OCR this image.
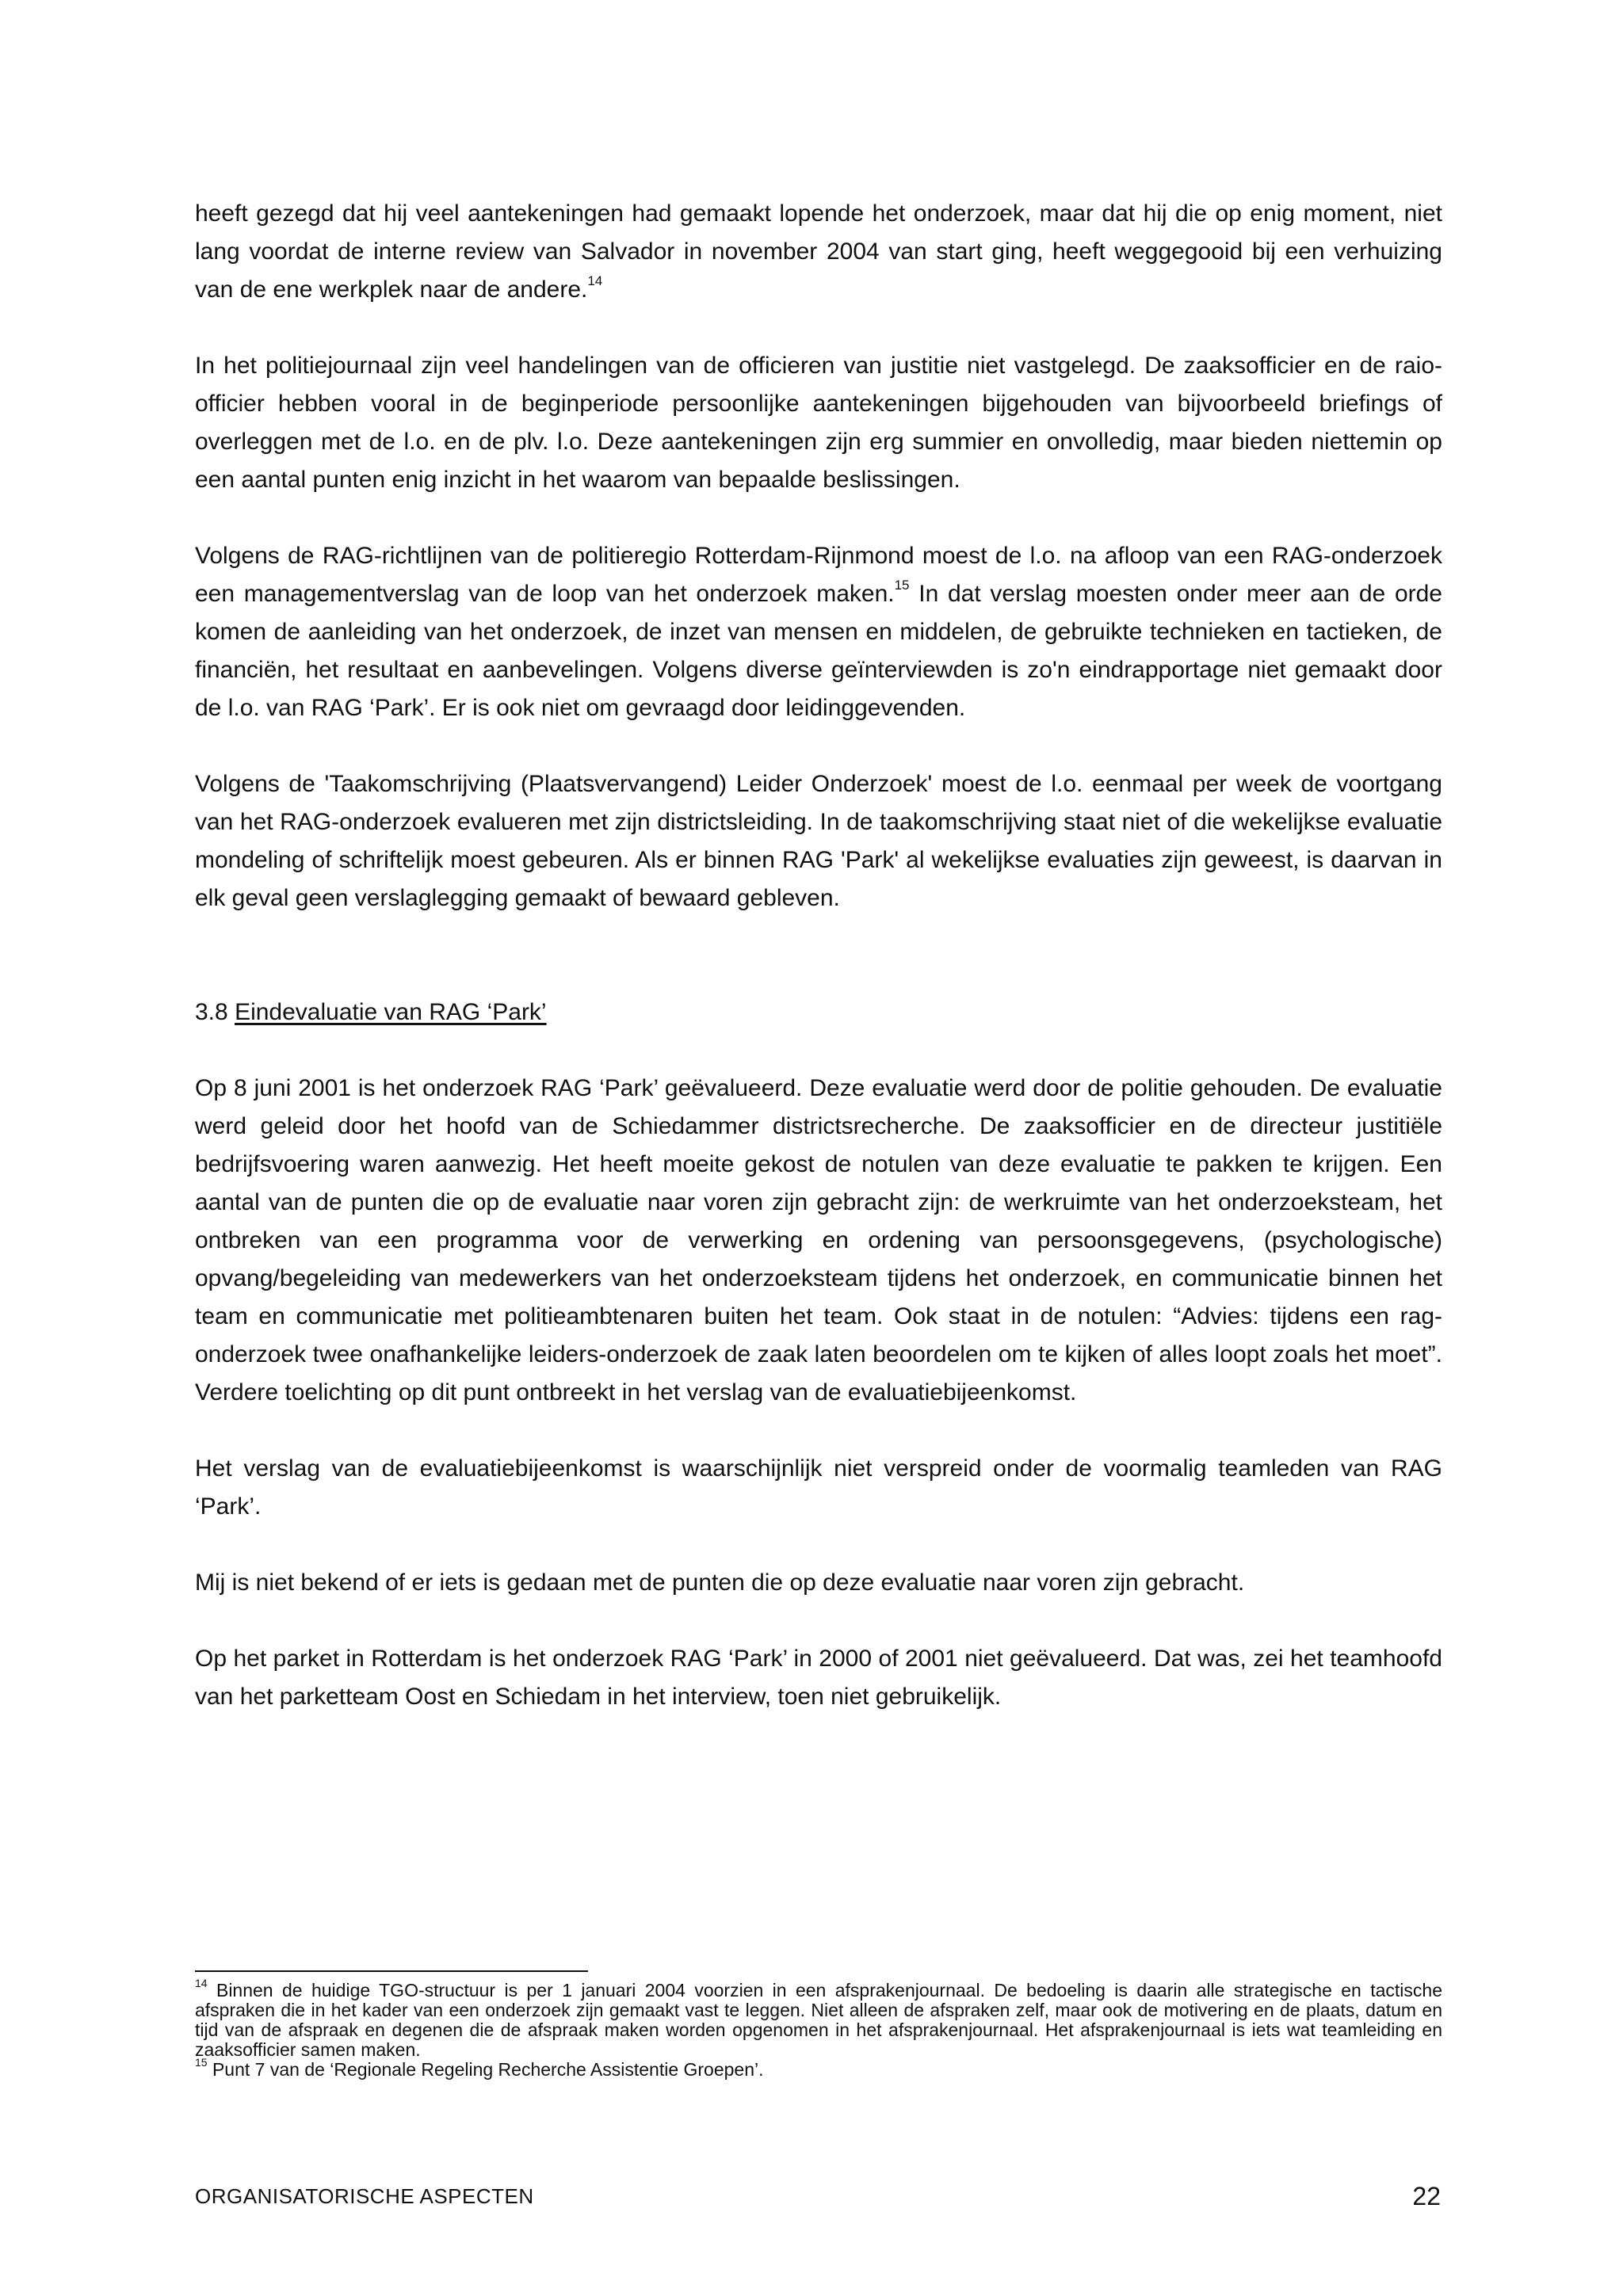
heeft gezegd dat hij veel aantekeningen had gemaakt lopende het onderzoek, maar dat hij die op enig moment, niet lang voordat de interne review van Salvador in november 2004 van start ging, heeft weggegooid bij een verhuizing van de ene werkplek naar de andere.$^{14}$

In het politiejournaal zijn veel handelingen van de officieren van justitie niet vastgelegd. De zaaksofficier en de raio-officier hebben vooral in de beginperiode persoonlijke aantekeningen bijgehouden van bijvoorbeeld briefings of overleggen met de l.o. en de plv. l.o. Deze aantekeningen zijn erg summier en onvolledig, maar bieden niettemin op een aantal punten enig inzicht in het waarom van bepaalde beslissingen.

Volgens de RAG-richtlijnen van de politieregio Rotterdam-Rijnmond moest de l.o. na afloop van een RAG-onderzoek een managementverslag van de loop van het onderzoek maken.$^{15}$ In dat verslag moesten onder meer aan de orde komen de aanleiding van het onderzoek, de inzet van mensen en middelen, de gebruikte technieken en tactieken, de financiën, het resultaat en aanbevelingen. Volgens diverse geïnterviewden is zo'n eindrapportage niet gemaakt door de l.o. van RAG ‘Park’. Er is ook niet om gevraagd door leidinggevenden.

Volgens de 'Taakomschrijving (Plaatsvervangend) Leider Onderzoek' moest de l.o. eenmaal per week de voortgang van het RAG-onderzoek evalueren met zijn districtsleiding. In de taakomschrijving staat niet of die wekelijkse evaluatie mondeling of schriftelijk moest gebeuren. Als er binnen RAG 'Park' al wekelijkse evaluaties zijn geweest, is daarvan in elk geval geen verslaglegging gemaakt of bewaard gebleven.

3.8 Eindevaluatie van RAG ‘Park’

Op 8 juni 2001 is het onderzoek RAG ‘Park’ geëvalueerd. Deze evaluatie werd door de politie gehouden. De evaluatie werd geleid door het hoofd van de Schiedammer districtsrecherche. De zaaksofficier en de directeur justitiële bedrijfsvoering waren aanwezig. Het heeft moeite gekost de notulen van deze evaluatie te pakken te krijgen. Een aantal van de punten die op de evaluatie naar voren zijn gebracht zijn: de werkruimte van het onderzoeksteam, het ontbreken van een programma voor de verwerking en ordening van persoonsgegevens, (psychologische) opvang/begeleiding van medewerkers van het onderzoeksteam tijdens het onderzoek, en communicatie binnen het team en communicatie met politieambtenaren buiten het team. Ook staat in de notulen: “Advies: tijdens een rag-onderzoek twee onafhankelijke leiders-onderzoek de zaak laten beoordelen om te kijken of alles loopt zoals het moet”. Verdere toelichting op dit punt ontbreekt in het verslag van de evaluatiebijeenkomst.

Het verslag van de evaluatiebijeenkomst is waarschijnlijk niet verspreid onder de voormalig teamleden van RAG ‘Park’.

Mij is niet bekend of er iets is gedaan met de punten die op deze evaluatie naar voren zijn gebracht.

Op het parket in Rotterdam is het onderzoek RAG ‘Park’ in 2000 of 2001 niet geëvalueerd. Dat was, zei het teamhoofd van het parketteam Oost en Schiedam in het interview, toen niet gebruikelijk.

$^{14}$ Binnen de huidige TGO-structuur is per 1 januari 2004 voorzien in een afsprakenjournaal. De bedoeling is daarin alle strategische en tactische afspraken die in het kader van een onderzoek zijn gemaakt vast te leggen. Niet alleen de afspraken zelf, maar ook de motivering en de plaats, datum en tijd van de afspraak en degenen die de afspraak maken worden opgenomen in het afsprakenjournaal. Het afsprakenjournaal is iets wat teamleiding en zaaksofficier samen maken.

$^{15}$ Punt 7 van de ‘Regionale Regeling Recherche Assistentie Groepen’.

ORGANISATORISCHE ASPECTEN	22
